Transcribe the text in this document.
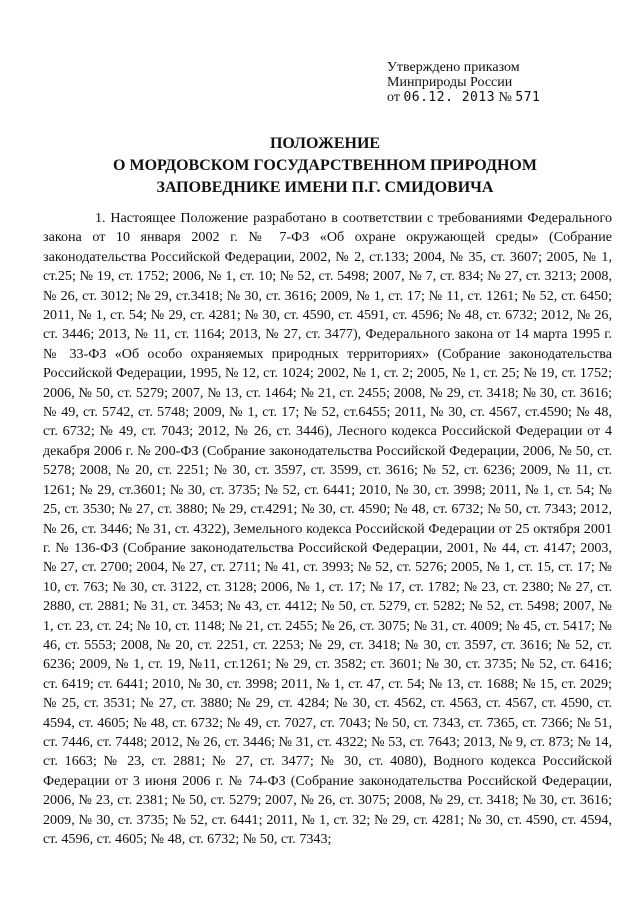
Утверждено приказом
Минприроды России
от 06.12. 2013 № 571
ПОЛОЖЕНИЕ
О МОРДОВСКОМ ГОСУДАРСТВЕННОМ ПРИРОДНОМ
ЗАПОВЕДНИКЕ ИМЕНИ П.Г. СМИДОВИЧА

1. Настоящее Положение разработано в соответствии с требованиями Федерального закона от 10 января 2002 г. № 7-ФЗ «Об охране окружающей среды» (Собрание законодательства Российской Федерации, 2002, № 2, ст.133; 2004, № 35, ст. 3607; 2005, № 1, ст.25; № 19, ст. 1752; 2006, № 1, ст. 10; № 52, ст. 5498; 2007, № 7, ст. 834; № 27, ст. 3213; 2008, № 26, ст. 3012; № 29, ст.3418; № 30, ст. 3616; 2009, № 1, ст. 17; № 11, ст. 1261; № 52, ст. 6450; 2011, № 1, ст. 54; № 29, ст. 4281; № 30, ст. 4590, ст. 4591, ст. 4596; № 48, ст. 6732; 2012, № 26, ст. 3446; 2013, № 11, ст. 1164; 2013, № 27, ст. 3477), Федерального закона от 14 марта 1995 г. № 33-ФЗ «Об особо охраняемых природных территориях» (Собрание законодательства Российской Федерации, 1995, № 12, ст. 1024; 2002, № 1, ст. 2; 2005, № 1, ст. 25; № 19, ст. 1752; 2006, № 50, ст. 5279; 2007, № 13, ст. 1464; № 21, ст. 2455; 2008, № 29, ст. 3418; № 30, ст. 3616; № 49, ст. 5742, ст. 5748; 2009, № 1, ст. 17; № 52, ст.6455; 2011, № 30, ст. 4567, ст.4590; № 48, ст. 6732; № 49, ст. 7043; 2012, № 26, ст. 3446), Лесного кодекса Российской Федерации от 4 декабря 2006 г. № 200-ФЗ (Собрание законодательства Российской Федерации, 2006, № 50, ст. 5278; 2008, № 20, ст. 2251; № 30, ст. 3597, ст. 3599, ст. 3616; № 52, ст. 6236; 2009, № 11, ст. 1261; № 29, ст.3601; № 30, ст. 3735; № 52, ст. 6441; 2010, № 30, ст. 3998; 2011, № 1, ст. 54; № 25, ст. 3530; № 27, ст. 3880; № 29, ст.4291; № 30, ст. 4590; № 48, ст. 6732; № 50, ст. 7343; 2012, № 26, ст. 3446; № 31, ст. 4322), Земельного кодекса Российской Федерации от 25 октября 2001 г. № 136-ФЗ (Собрание законодательства Российской Федерации, 2001, № 44, ст. 4147; 2003, № 27, ст. 2700; 2004, № 27, ст. 2711; № 41, ст. 3993; № 52, ст. 5276; 2005, № 1, ст. 15, ст. 17; № 10, ст. 763; № 30, ст. 3122, ст. 3128; 2006, № 1, ст. 17; № 17, ст. 1782; № 23, ст. 2380; № 27, ст. 2880, ст. 2881; № 31, ст. 3453; № 43, ст. 4412; № 50, ст. 5279, ст. 5282; № 52, ст. 5498; 2007, № 1, ст. 23, ст. 24; № 10, ст. 1148; № 21, ст. 2455; № 26, ст. 3075; № 31, ст. 4009; № 45, ст. 5417; № 46, ст. 5553; 2008, № 20, ст. 2251, ст. 2253; № 29, ст. 3418; № 30, ст. 3597, ст. 3616; № 52, ст. 6236; 2009, № 1, ст. 19, №11, ст.1261; № 29, ст. 3582; ст. 3601; № 30, ст. 3735; № 52, ст. 6416; ст. 6419; ст. 6441; 2010, № 30, ст. 3998; 2011, № 1, ст. 47, ст. 54; № 13, ст. 1688; № 15, ст. 2029; № 25, ст. 3531; № 27, ст. 3880; № 29, ст. 4284; № 30, ст. 4562, ст. 4563, ст. 4567, ст. 4590, ст. 4594, ст. 4605; № 48, ст. 6732; № 49, ст. 7027, ст. 7043; № 50, ст. 7343, ст. 7365, ст. 7366; № 51, ст. 7446, ст. 7448; 2012, № 26, ст. 3446; № 31, ст. 4322; № 53, ст. 7643; 2013, № 9, ст. 873; № 14, ст. 1663; № 23, ст. 2881; № 27, ст. 3477; № 30, ст. 4080), Водного кодекса Российской Федерации от 3 июня 2006 г. № 74-ФЗ (Собрание законодательства Российской Федерации, 2006, № 23, ст. 2381; № 50, ст. 5279; 2007, № 26, ст. 3075; 2008, № 29, ст. 3418; № 30, ст. 3616; 2009, № 30, ст. 3735; № 52, ст. 6441; 2011, № 1, ст. 32; № 29, ст. 4281; № 30, ст. 4590, ст. 4594, ст. 4596, ст. 4605; № 48, ст. 6732; № 50, ст. 7343;
